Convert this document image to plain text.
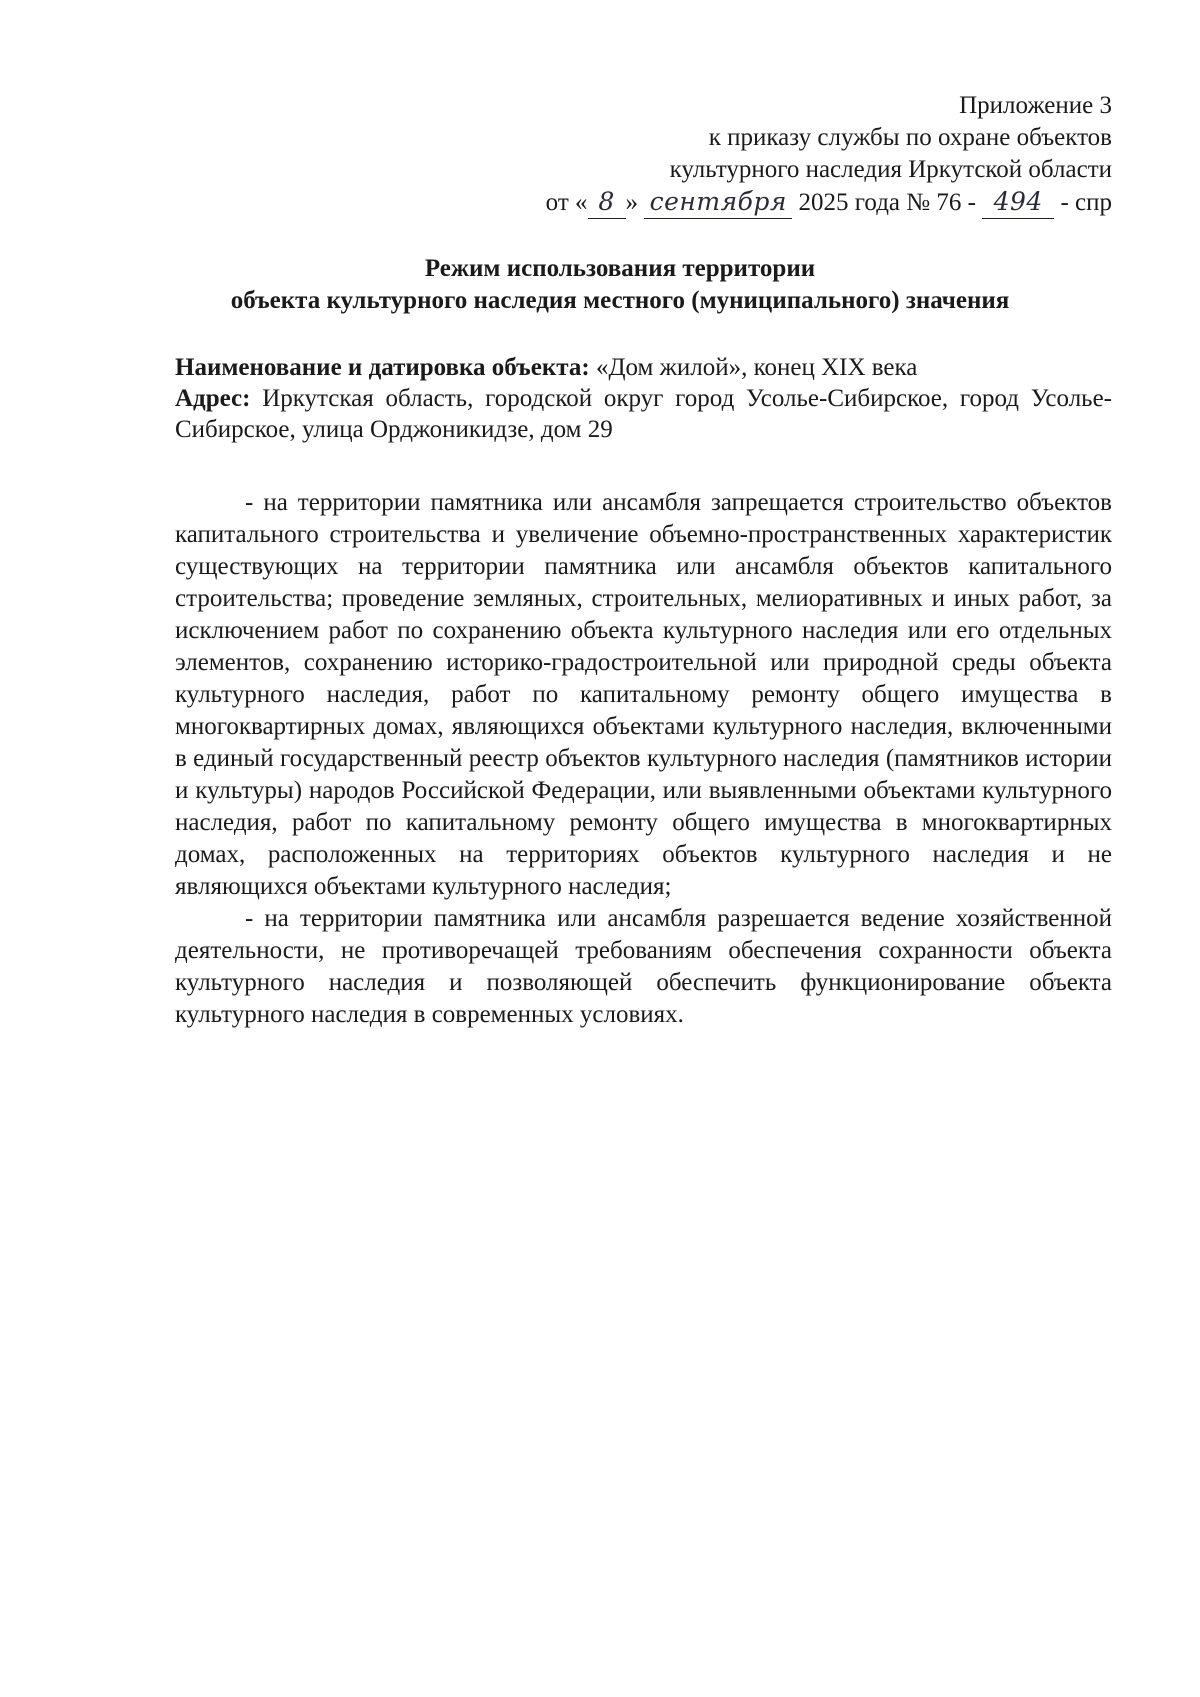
Приложение 3
к приказу службы по охране объектов
культурного наследия Иркутской области
от « 8 » сентября 2025 года № 76 - 494 - спр
Режим использования территории
объекта культурного наследия местного (муниципального) значения

Наименование и датировка объекта: «Дом жилой», конец XIX века

Адрес: Иркутская область, городской округ город Усолье-Сибирское, город Усолье-Сибирское, улица Орджоникидзе, дом 29

- на территории памятника или ансамбля запрещается строительство объектов капитального строительства и увеличение объемно-пространственных характеристик существующих на территории памятника или ансамбля объектов капитального строительства; проведение земляных, строительных, мелиоративных и иных работ, за исключением работ по сохранению объекта культурного наследия или его отдельных элементов, сохранению историко-градостроительной или природной среды объекта культурного наследия, работ по капитальному ремонту общего имущества в многоквартирных домах, являющихся объектами культурного наследия, включенными в единый государственный реестр объектов культурного наследия (памятников истории и культуры) народов Российской Федерации, или выявленными объектами культурного наследия, работ по капитальному ремонту общего имущества в многоквартирных домах, расположенных на территориях объектов культурного наследия и не являющихся объектами культурного наследия;

- на территории памятника или ансамбля разрешается ведение хозяйственной деятельности, не противоречащей требованиям обеспечения сохранности объекта культурного наследия и позволяющей обеспечить функционирование объекта культурного наследия в современных условиях.
